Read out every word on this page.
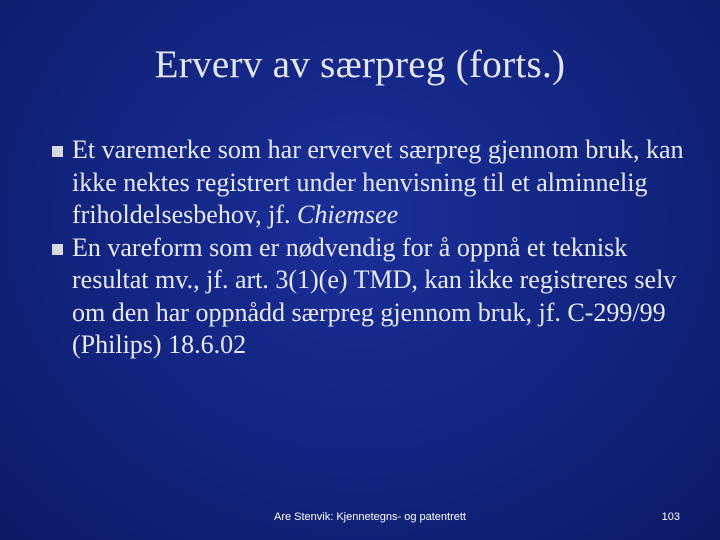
Erverv av særpreg (forts.)
Et varemerke som har ervervet særpreg gjennom bruk, kan ikke nektes registrert under henvisning til et alminnelig friholdelsesbehov, jf. Chiemsee
En vareform som er nødvendig for å oppnå et teknisk resultat mv., jf. art. 3(1)(e) TMD, kan ikke registreres selv om den har oppnådd særpreg gjennom bruk, jf. C‑299/99 (Philips) 18.6.02
Are Stenvik: Kjennetegns- og patentrett	103
